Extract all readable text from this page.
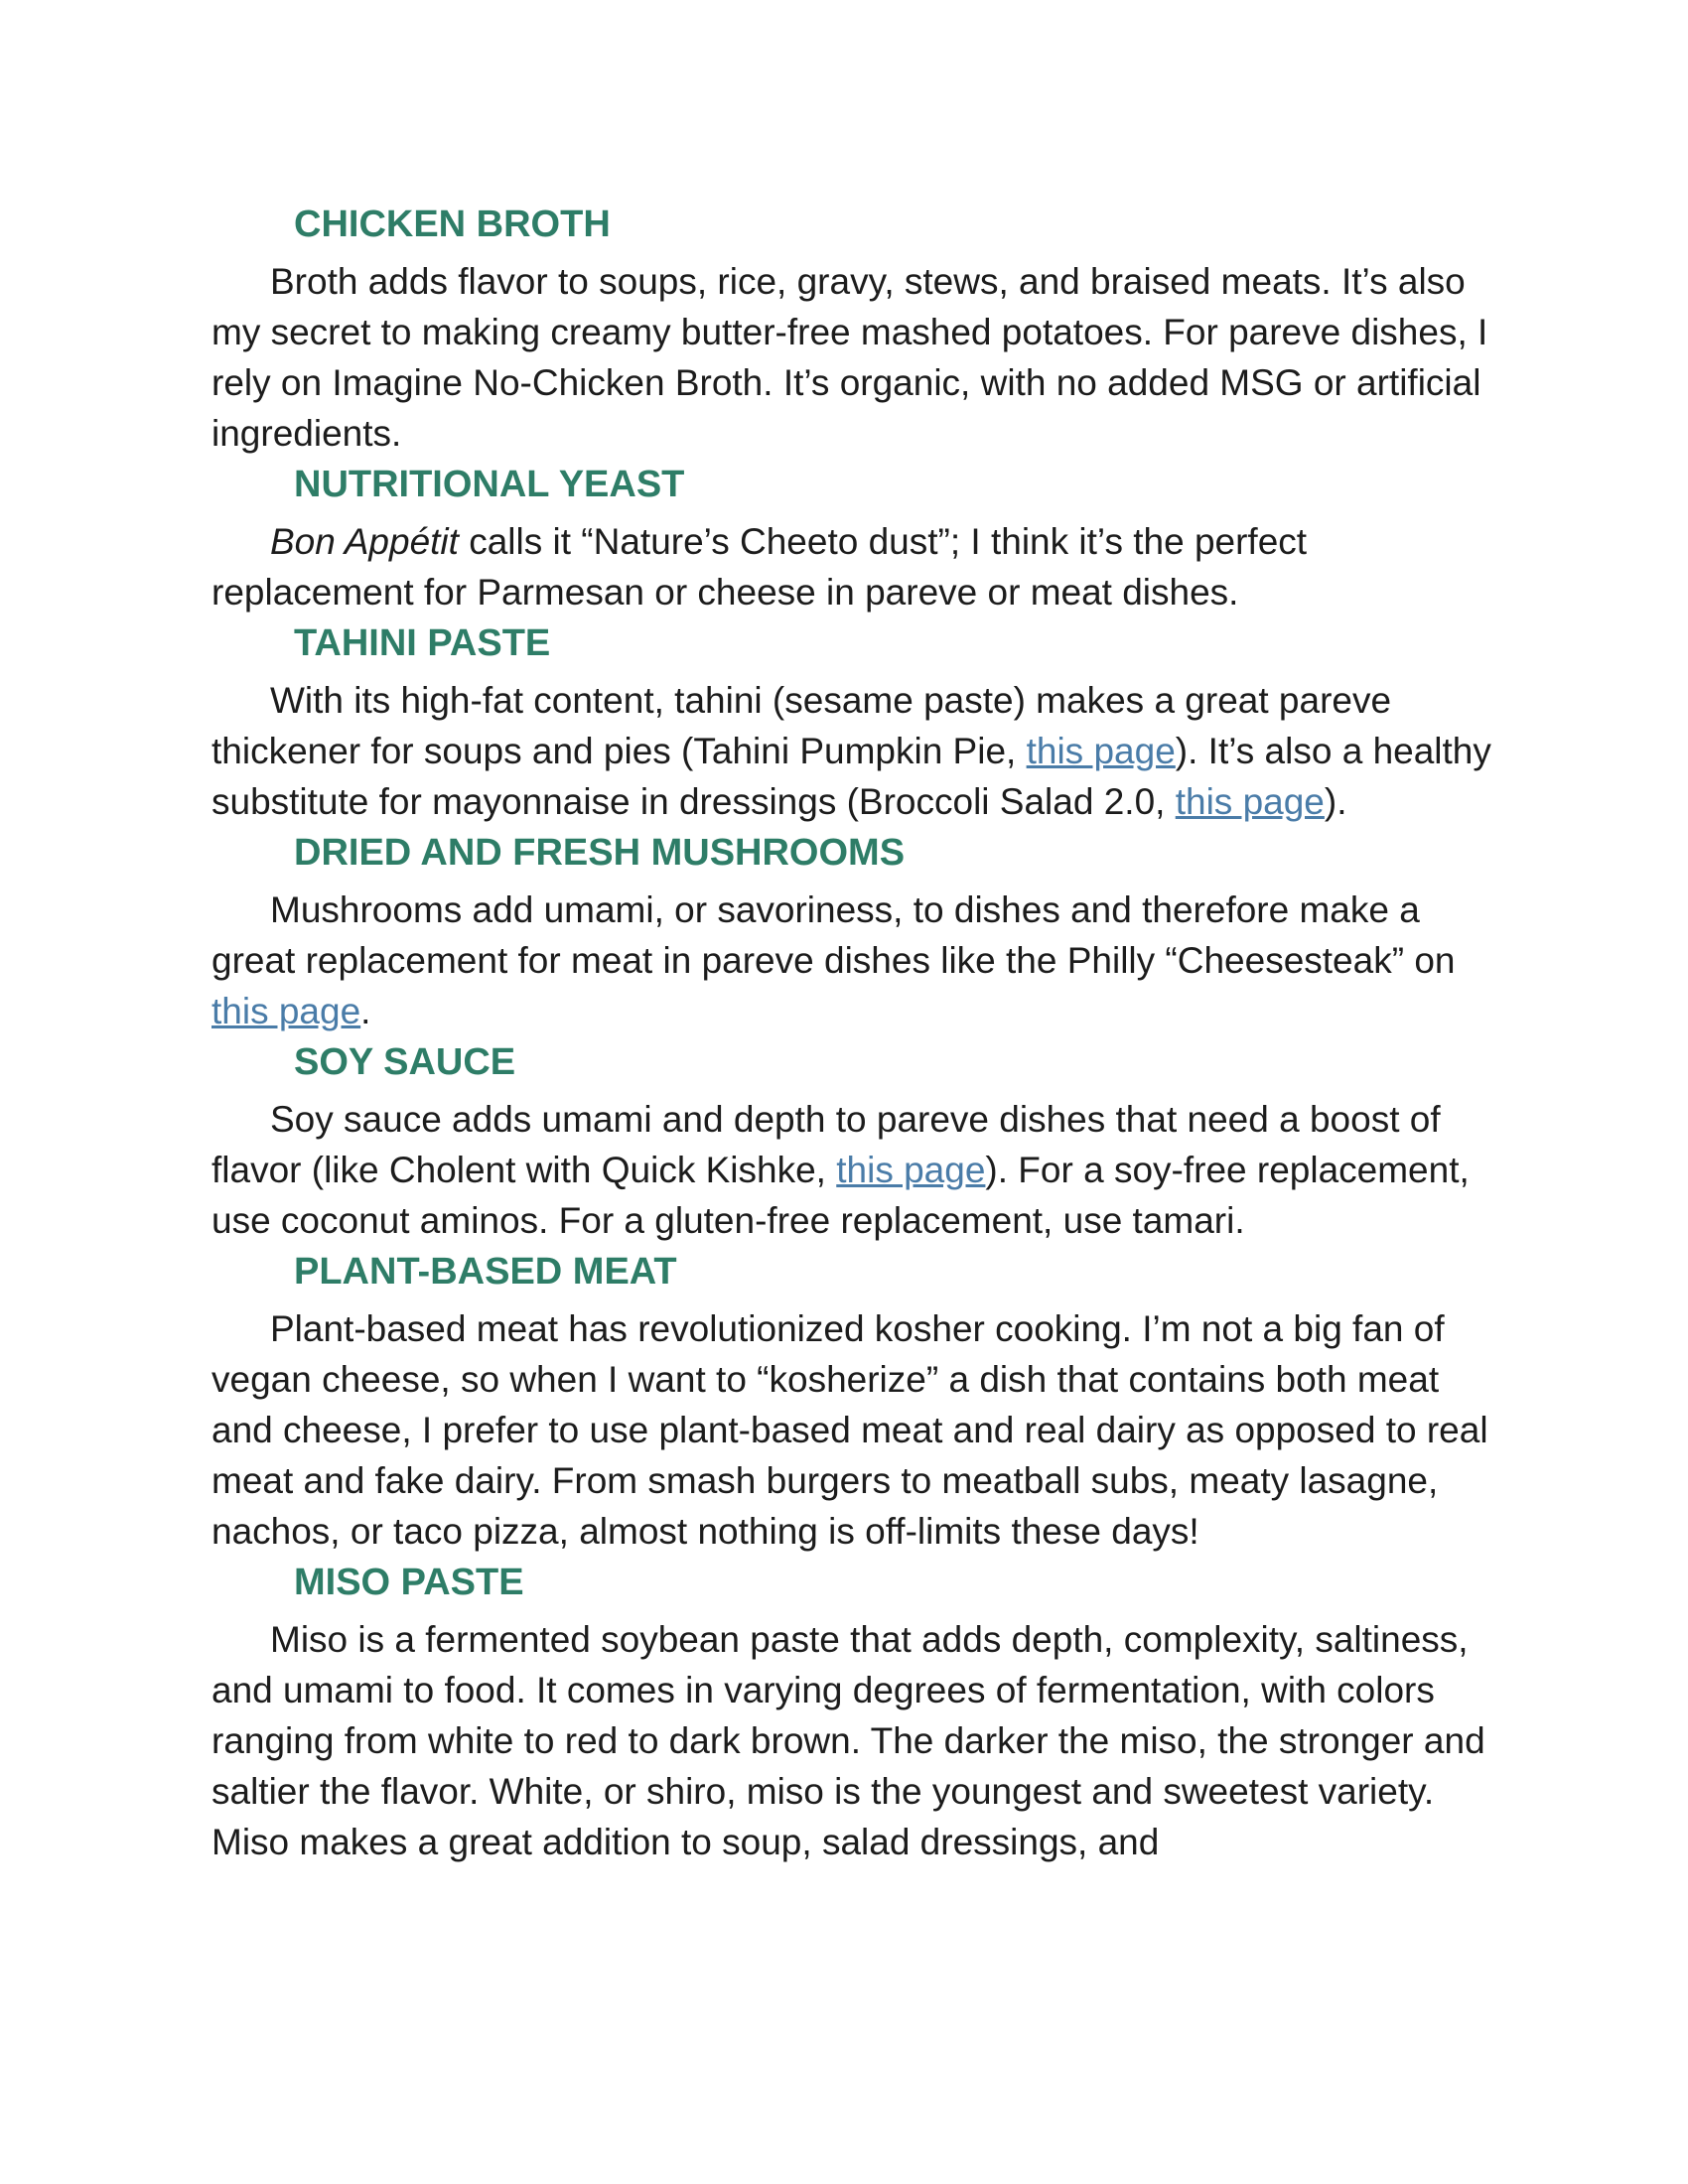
CHICKEN BROTH

Broth adds flavor to soups, rice, gravy, stews, and braised meats. It’s also my secret to making creamy butter-free mashed potatoes. For pareve dishes, I rely on Imagine No-Chicken Broth. It’s organic, with no added MSG or artificial ingredients.

NUTRITIONAL YEAST

Bon Appétit calls it “Nature’s Cheeto dust”; I think it’s the perfect replacement for Parmesan or cheese in pareve or meat dishes.

TAHINI PASTE

With its high-fat content, tahini (sesame paste) makes a great pareve thickener for soups and pies (Tahini Pumpkin Pie, this page). It’s also a healthy substitute for mayonnaise in dressings (Broccoli Salad 2.0, this page).

DRIED AND FRESH MUSHROOMS

Mushrooms add umami, or savoriness, to dishes and therefore make a great replacement for meat in pareve dishes like the Philly “Cheesesteak” on this page.

SOY SAUCE

Soy sauce adds umami and depth to pareve dishes that need a boost of flavor (like Cholent with Quick Kishke, this page). For a soy-free replacement, use coconut aminos. For a gluten-free replacement, use tamari.

PLANT-BASED MEAT

Plant-based meat has revolutionized kosher cooking. I’m not a big fan of vegan cheese, so when I want to “kosherize” a dish that contains both meat and cheese, I prefer to use plant-based meat and real dairy as opposed to real meat and fake dairy. From smash burgers to meatball subs, meaty lasagne, nachos, or taco pizza, almost nothing is off-limits these days!

MISO PASTE

Miso is a fermented soybean paste that adds depth, complexity, saltiness, and umami to food. It comes in varying degrees of fermentation, with colors ranging from white to red to dark brown. The darker the miso, the stronger and saltier the flavor. White, or shiro, miso is the youngest and sweetest variety. Miso makes a great addition to soup, salad dressings, and
